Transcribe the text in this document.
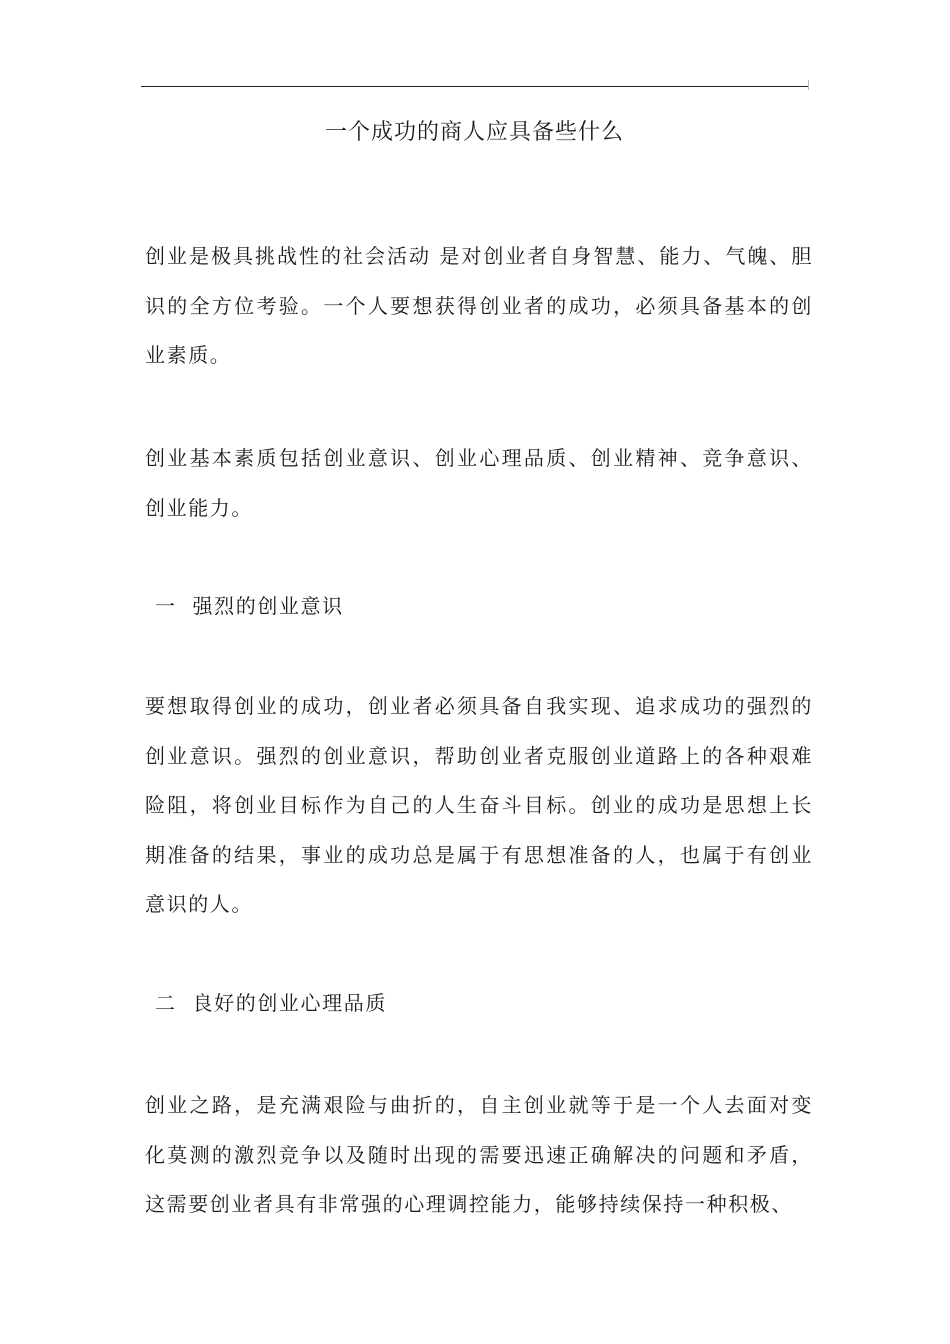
一个成功的商人应具备些什么

创业是极具挑战性的社会活动 是对创业者自身智慧、能力、气魄、胆识的全方位考验。一个人要想获得创业者的成功，必须具备基本的创业素质。

创业基本素质包括创业意识、创业心理品质、创业精神、竞争意识、创业能力。

一  强烈的创业意识

要想取得创业的成功，创业者必须具备自我实现、追求成功的强烈的创业意识。强烈的创业意识，帮助创业者克服创业道路上的各种艰难险阻，将创业目标作为自己的人生奋斗目标。创业的成功是思想上长期准备的结果，事业的成功总是属于有思想准备的人，也属于有创业意识的人。

二  良好的创业心理品质

创业之路，是充满艰险与曲折的，自主创业就等于是一个人去面对变化莫测的激烈竞争以及随时出现的需要迅速正确解决的问题和矛盾，这需要创业者具有非常强的心理调控能力，能够持续保持一种积极、
